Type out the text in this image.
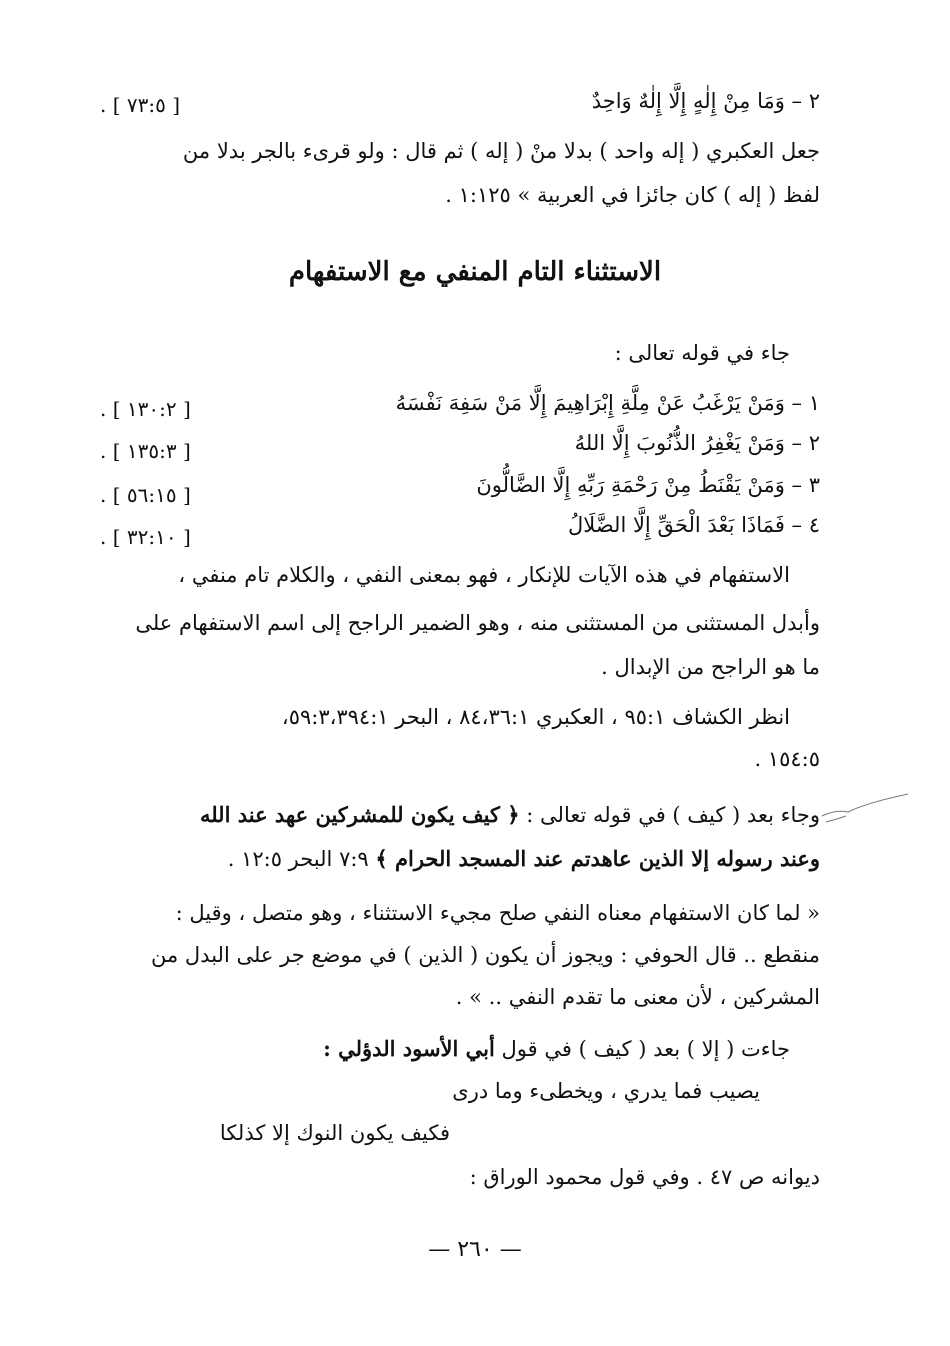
٢ – وَمَا مِنْ إِلٰهٍ إِلَّا إِلٰهٌ وَاحِدٌ
[ ٧٣:٥ ] .
جعل العكبري ( إله واحد ) بدلا منْ ( إله ) ثم قال : ولو قرىء بالجر بدلا من
لفظ ( إله ) كان جائزا في العربية » ١:١٢٥ .
الاستثناء التام المنفي مع الاستفهام
جاء في قوله تعالى :
١ – وَمَنْ يَرْغَبُ عَنْ مِلَّةِ إِبْرَاهِيمَ إِلَّا مَنْ سَفِهَ نَفْسَهُ
[ ١٣٠:٢ ] .
٢ – وَمَنْ يَغْفِرُ الذُّنُوبَ إِلَّا اللهُ
[ ١٣٥:٣ ] .
٣ – وَمَنْ يَقْنَطُ مِنْ رَحْمَةِ رَبِّهِ إِلَّا الضَّالُّونَ
[ ٥٦:١٥ ] .
٤ – فَمَاذَا بَعْدَ الْحَقِّ إِلَّا الضَّلَالُ
[ ٣٢:١٠ ] .
الاستفهام في هذه الآيات للإنكار ، فهو بمعنى النفي ، والكلام تام منفي ،
وأبدل المستثنى من المستثنى منه ، وهو الضمير الراجح إلى اسم الاستفهام على
ما هو الراجح من الإبدال .
انظر الكشاف ٩٥:١ ، العكبري ٨٤،٣٦:١ ، البحر ٥٩:٣،٣٩٤:١،
١٥٤:٥ .
وجاء بعد ( كيف ) في قوله تعالى : ﴿ كيف يكون للمشركين عهد عند الله
وعند رسوله إلا الذين عاهدتم عند المسجد الحرام ﴾ ٧:٩ البحر ١٢:٥ .
« لما كان الاستفهام معناه النفي صلح مجيء الاستثناء ، وهو متصل ، وقيل :
منقطع .. قال الحوفي : ويجوز أن يكون ( الذين ) في موضع جر على البدل من
المشركين ، لأن معنى ما تقدم النفي .. » .
جاءت ( إلا ) بعد ( كيف ) في قول أبي الأسود الدؤلي :
يصيب فما يدري ، ويخطىء وما درى
فكيف يكون النوك إلا كذلكا
ديوانه ص ٤٧ . وفي قول محمود الوراق :
— ٢٦٠ —
